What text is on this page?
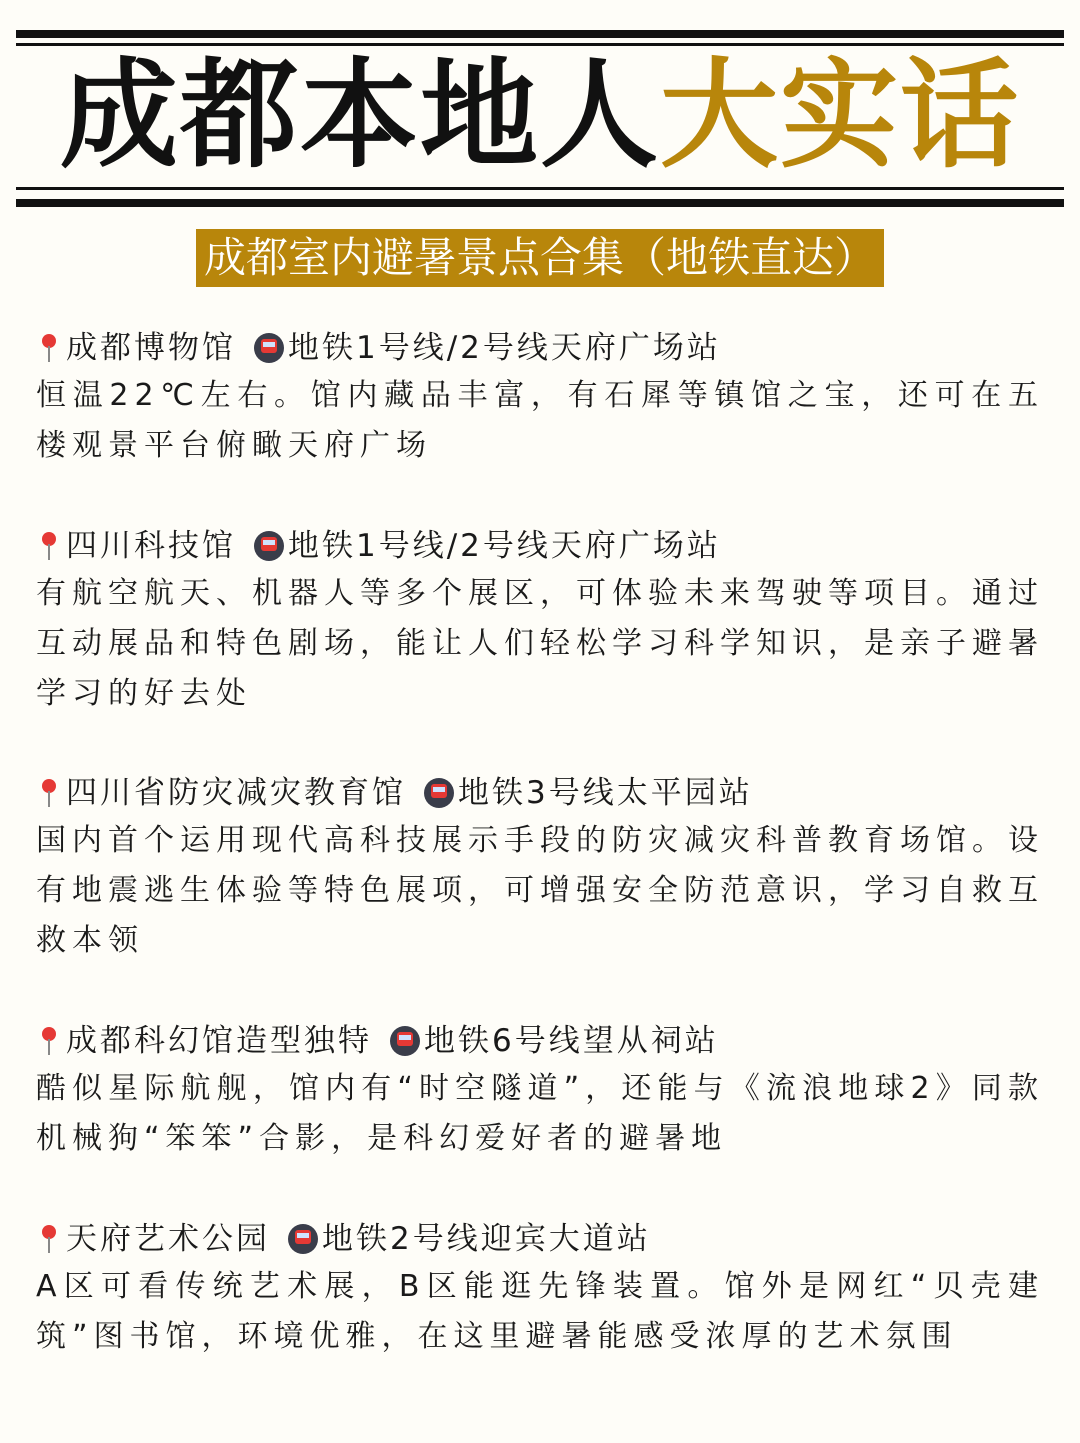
成都本地人大实话
成都室内避暑景点合集（地铁直达）
成都博物馆 地铁1号线/2号线天府广场站
恒温22℃左右。馆内藏品丰富，有石犀等镇馆之宝，还可在五楼观景平台俯瞰天府广场
四川科技馆 地铁1号线/2号线天府广场站
有航空航天、机器人等多个展区，可体验未来驾驶等项目。通过互动展品和特色剧场，能让人们轻松学习科学知识，是亲子避暑学习的好去处
四川省防灾减灾教育馆 地铁3号线太平园站
国内首个运用现代高科技展示手段的防灾减灾科普教育场馆。设有地震逃生体验等特色展项，可增强安全防范意识，学习自救互救本领
成都科幻馆造型独特 地铁6号线望从祠站
酷似星际航舰，馆内有“时空隧道”，还能与《流浪地球2》同款机械狗“笨笨”合影，是科幻爱好者的避暑地
天府艺术公园 地铁2号线迎宾大道站
A区可看传统艺术展，B区能逛先锋装置。馆外是网红“贝壳建筑”图书馆，环境优雅，在这里避暑能感受浓厚的艺术氛围
